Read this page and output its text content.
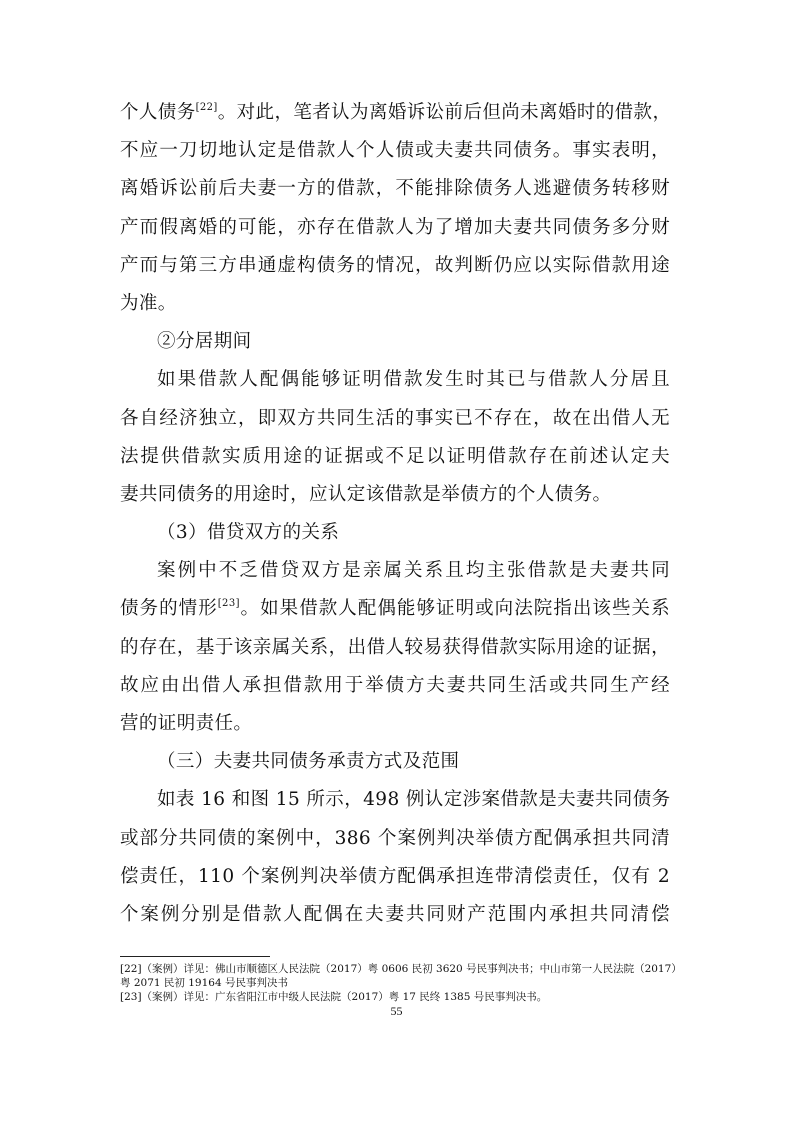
个人债务[22]。对此，笔者认为离婚诉讼前后但尚未离婚时的借款，
不应一刀切地认定是借款人个人债或夫妻共同债务。事实表明，
离婚诉讼前后夫妻一方的借款，不能排除债务人逃避债务转移财
产而假离婚的可能，亦存在借款人为了增加夫妻共同债务多分财
产而与第三方串通虚构债务的情况，故判断仍应以实际借款用途
为准。
②分居期间
如果借款人配偶能够证明借款发生时其已与借款人分居且
各自经济独立，即双方共同生活的事实已不存在，故在出借人无
法提供借款实质用途的证据或不足以证明借款存在前述认定夫
妻共同债务的用途时，应认定该借款是举债方的个人债务。
（3）借贷双方的关系
案例中不乏借贷双方是亲属关系且均主张借款是夫妻共同
债务的情形[23]。如果借款人配偶能够证明或向法院指出该些关系
的存在，基于该亲属关系，出借人较易获得借款实际用途的证据，
故应由出借人承担借款用于举债方夫妻共同生活或共同生产经
营的证明责任。
（三）夫妻共同债务承责方式及范围
如表 16 和图 15 所示，498 例认定涉案借款是夫妻共同债务
或部分共同债的案例中，386 个案例判决举债方配偶承担共同清
偿责任，110 个案例判决举债方配偶承担连带清偿责任，仅有 2
个案例分别是借款人配偶在夫妻共同财产范围内承担共同清偿
[22]（案例）详见：佛山市顺德区人民法院（2017）粤 0606 民初 3620 号民事判决书；中山市第一人民法院（2017）粤 2071 民初 19164 号民事判决书
[23]（案例）详见：广东省阳江市中级人民法院（2017）粤 17 民终 1385 号民事判决书。
55
